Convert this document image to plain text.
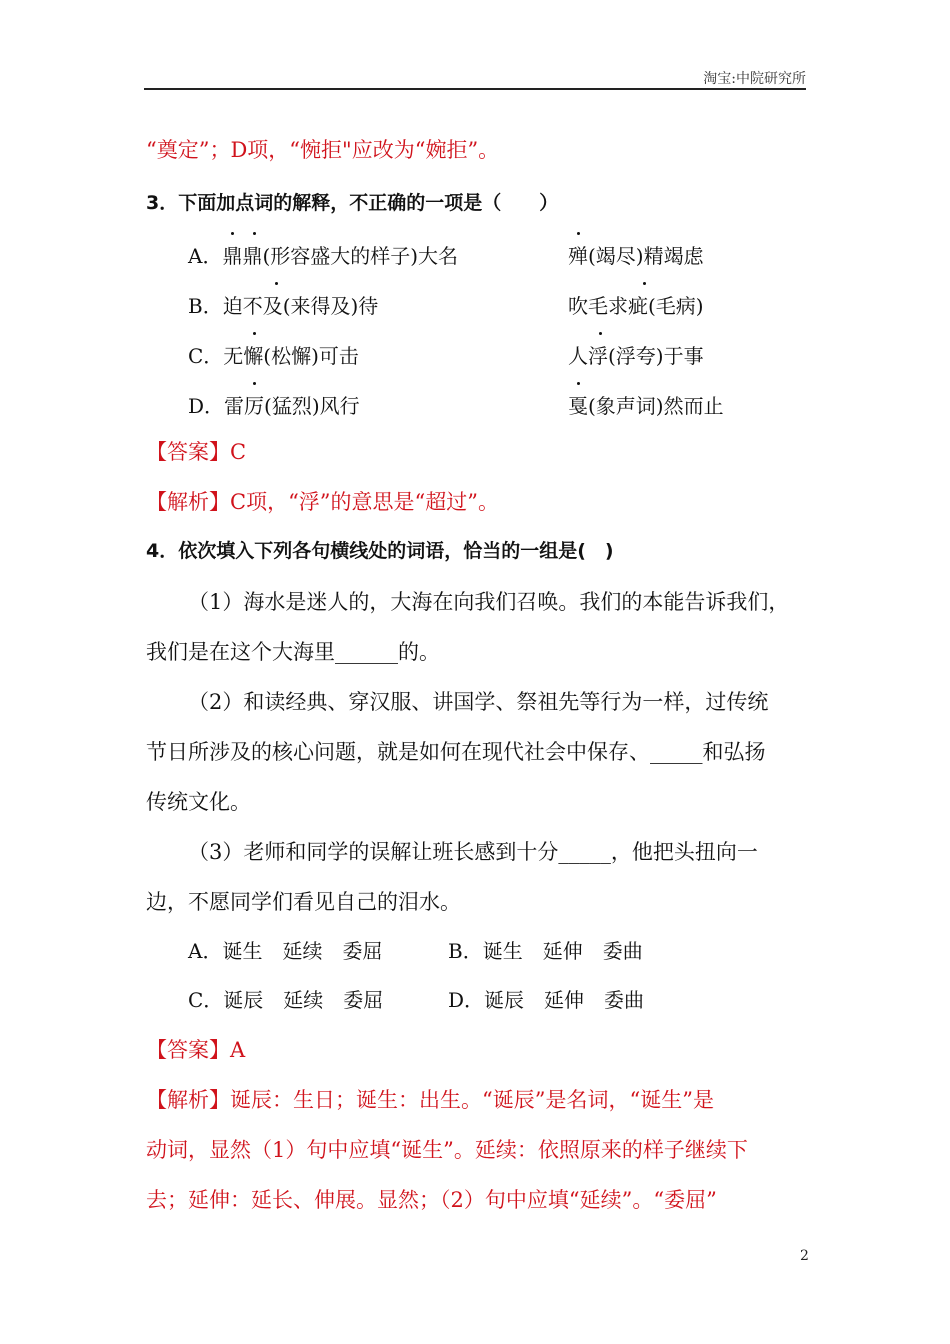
淘宝:中院研究所
“奠定”；D项，“惋拒"应改为“婉拒”。
3．下面加点词的解释，不正确的一项是（　　）
A．鼎鼎(形容盛大的样子)大名	殚(竭尽)精竭虑
B．迫不及(来得及)待	吹毛求疵(毛病)
C．无懈(松懈)可击	人浮(浮夸)于事
D．雷厉(猛烈)风行	戛(象声词)然而止
【答案】C
【解析】C项，“浮”的意思是“超过”。
4．依次填入下列各句横线处的词语，恰当的一组是(　)
（1）海水是迷人的，大海在向我们召唤。我们的本能告诉我们，
我们是在这个大海里______的。
（2）和读经典、穿汉服、讲国学、祭祖先等行为一样，过传统
节日所涉及的核心问题，就是如何在现代社会中保存、_____和弘扬
传统文化。
（3）老师和同学的误解让班长感到十分_____，他把头扭向一
边，不愿同学们看见自己的泪水。
A．诞生　延续　委屈	B．诞生　延伸　委曲
C．诞辰　延续　委屈	D．诞辰　延伸　委曲
【答案】A
【解析】诞辰：生日；诞生：出生。“诞辰”是名词，“诞生”是
动词，显然（1）句中应填“诞生”。延续：依照原来的样子继续下
去；延伸：延长、伸展。显然；（2）句中应填“延续”。“委屈”
2
